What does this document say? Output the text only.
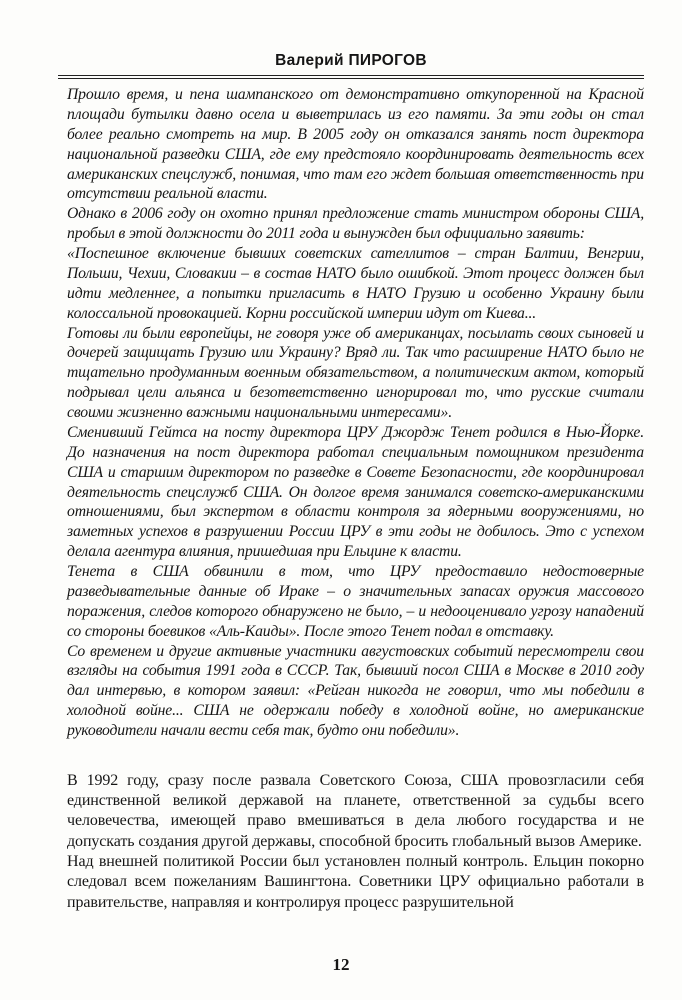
Валерий ПИРОГОВ

Прошло время, и пена шампанского от демонстративно откупоренной на Красной площади бутылки давно осела и выветрилась из его памяти. За эти годы он стал более реально смотреть на мир. В 2005 году он отказался занять пост директора национальной разведки США, где ему предстояло координировать деятельность всех американских спецслужб, понимая, что там его ждет большая ответственность при отсутствии реальной власти.

Однако в 2006 году он охотно принял предложение стать министром обороны США, пробыл в этой должности до 2011 года и вынужден был официально заявить:

«Поспешное включение бывших советских сателлитов – стран Балтии, Венгрии, Польши, Чехии, Словакии – в состав НАТО было ошибкой. Этот процесс должен был идти медленнее, а попытки пригласить в НАТО Грузию и особенно Украину были колоссальной провокацией. Корни российской империи идут от Киева...

Готовы ли были европейцы, не говоря уже об американцах, посылать своих сыновей и дочерей защищать Грузию или Украину? Вряд ли. Так что расширение НАТО было не тщательно продуманным военным обязательством, а политическим актом, который подрывал цели альянса и безответственно игнорировал то, что русские считали своими жизненно важными национальными интересами».

Сменивший Гейтса на посту директора ЦРУ Джордж Тенет родился в Нью-Йорке. До назначения на пост директора работал специальным помощником президента США и старшим директором по разведке в Совете Безопасности, где координировал деятельность спецслужб США. Он долгое время занимался советско-американскими отношениями, был экспертом в области контроля за ядерными вооружениями, но заметных успехов в разрушении России ЦРУ в эти годы не добилось. Это с успехом делала агентура влияния, пришедшая при Ельцине к власти.

Тенета в США обвинили в том, что ЦРУ предоставило недостоверные разведывательные данные об Ираке – о значительных запасах оружия массового поражения, следов которого обнаружено не было, – и недооценивало угрозу нападений со стороны боевиков «Аль-Каиды». После этого Тенет подал в отставку.

Со временем и другие активные участники августовских событий пересмотрели свои взгляды на события 1991 года в СССР. Так, бывший посол США в Москве в 2010 году дал интервью, в котором заявил: «Рейган никогда не говорил, что мы победили в холодной войне... США не одержали победу в холодной войне, но американские руководители начали вести себя так, будто они победили».

В 1992 году, сразу после развала Советского Союза, США провозгласили себя единственной великой державой на планете, ответственной за судьбы всего человечества, имеющей право вмешиваться в дела любого государства и не допускать создания другой державы, способной бросить глобальный вызов Америке.

Над внешней политикой России был установлен полный контроль. Ельцин покорно следовал всем пожеланиям Вашингтона. Советники ЦРУ официально работали в правительстве, направляя и контролируя процесс разрушительной

12
